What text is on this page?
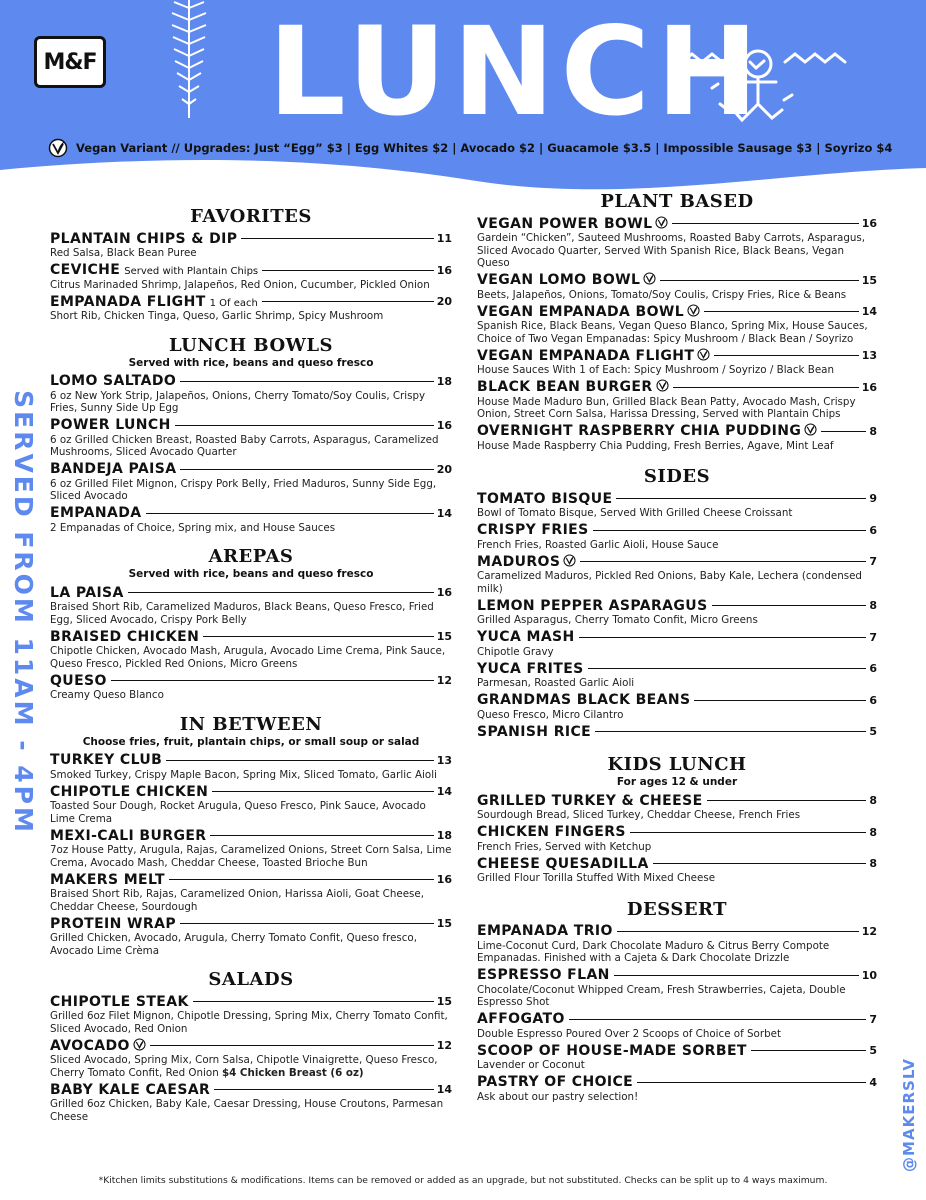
M&F LUNCH
Vegan Variant // Upgrades: Just “Egg” $3 | Egg Whites $2 | Avocado $2 | Guacamole $3.5 | Impossible Sausage $3 | Soyrizo $4
SERVED FROM 11AM - 4PM
@MAKERSLV
FAVORITES
PLANTAIN CHIPS & DIP	11
Red Salsa, Black Bean Puree
CEVICHE Served with Plantain Chips	16
Citrus Marinaded Shrimp, Jalapeños, Red Onion, Cucumber, Pickled Onion
EMPANADA FLIGHT 1 Of each	20
Short Rib, Chicken Tinga, Queso, Garlic Shrimp, Spicy Mushroom
LUNCH BOWLS
Served with rice, beans and queso fresco
LOMO SALTADO	18
6 oz New York Strip, Jalapeños, Onions, Cherry Tomato/Soy Coulis, Crispy Fries, Sunny Side Up Egg
POWER LUNCH	16
6 oz Grilled Chicken Breast, Roasted Baby Carrots, Asparagus, Caramelized Mushrooms, Sliced Avocado Quarter
BANDEJA PAISA	20
6 oz Grilled Filet Mignon, Crispy Pork Belly, Fried Maduros, Sunny Side Egg, Sliced Avocado
EMPANADA	14
2 Empanadas of Choice, Spring mix, and House Sauces
AREPAS
Served with rice, beans and queso fresco
LA PAISA	16
Braised Short Rib, Caramelized Maduros, Black Beans, Queso Fresco, Fried Egg, Sliced Avocado, Crispy Pork Belly
BRAISED CHICKEN	15
Chipotle Chicken, Avocado Mash, Arugula, Avocado Lime Crema, Pink Sauce, Queso Fresco, Pickled Red Onions, Micro Greens
QUESO	12
Creamy Queso Blanco
IN BETWEEN
Choose fries, fruit, plantain chips, or small soup or salad
TURKEY CLUB	13
Smoked Turkey, Crispy Maple Bacon, Spring Mix, Sliced Tomato, Garlic Aioli
CHIPOTLE CHICKEN	14
Toasted Sour Dough, Rocket Arugula, Queso Fresco, Pink Sauce, Avocado Lime Crema
MEXI-CALI BURGER	18
7oz House Patty, Arugula, Rajas, Caramelized Onions, Street Corn Salsa, Lime Crema, Avocado Mash, Cheddar Cheese, Toasted Brioche Bun
MAKERS MELT	16
Braised Short Rib, Rajas, Caramelized Onion, Harissa Aioli, Goat Cheese, Cheddar Cheese, Sourdough
PROTEIN WRAP	15
Grilled Chicken, Avocado, Arugula, Cherry Tomato Confit, Queso fresco, Avocado Lime Crèma
SALADS
CHIPOTLE STEAK	15
Grilled 6oz Filet Mignon, Chipotle Dressing, Spring Mix, Cherry Tomato Confit, Sliced Avocado, Red Onion
AVOCADO	12
Sliced Avocado, Spring Mix, Corn Salsa, Chipotle Vinaigrette, Queso Fresco, Cherry Tomato Confit, Red Onion $4 Chicken Breast (6 oz)
BABY KALE CAESAR	14
Grilled 6oz Chicken, Baby Kale, Caesar Dressing, House Croutons, Parmesan Cheese
PLANT BASED
VEGAN POWER BOWL	16
Gardein “Chicken”, Sauteed Mushrooms, Roasted Baby Carrots, Asparagus, Sliced Avocado Quarter, Served With Spanish Rice, Black Beans, Vegan Queso
VEGAN LOMO BOWL	15
Beets, Jalapeños, Onions, Tomato/Soy Coulis, Crispy Fries, Rice & Beans
VEGAN EMPANADA BOWL	14
Spanish Rice, Black Beans, Vegan Queso Blanco, Spring Mix, House Sauces, Choice of Two Vegan Empanadas: Spicy Mushroom / Black Bean / Soyrizo
VEGAN EMPANADA FLIGHT	13
House Sauces With 1 of Each: Spicy Mushroom / Soyrizo / Black Bean
BLACK BEAN BURGER	16
House Made Maduro Bun, Grilled Black Bean Patty, Avocado Mash, Crispy Onion, Street Corn Salsa, Harissa Dressing, Served with Plantain Chips
OVERNIGHT RASPBERRY CHIA PUDDING	8
House Made Raspberry Chia Pudding, Fresh Berries, Agave, Mint Leaf
SIDES
TOMATO BISQUE	9
Bowl of Tomato Bisque, Served With Grilled Cheese Croissant
CRISPY FRIES	6
French Fries, Roasted Garlic Aioli, House Sauce
MADUROS	7
Caramelized Maduros, Pickled Red Onions, Baby Kale, Lechera (condensed milk)
LEMON PEPPER ASPARAGUS	8
Grilled Asparagus, Cherry Tomato Confit, Micro Greens
YUCA MASH	7
Chipotle Gravy
YUCA FRITES	6
Parmesan, Roasted Garlic Aioli
GRANDMAS BLACK BEANS	6
Queso Fresco, Micro Cilantro
SPANISH RICE	5
KIDS LUNCH
For ages 12 & under
GRILLED TURKEY & CHEESE	8
Sourdough Bread, Sliced Turkey, Cheddar Cheese, French Fries
CHICKEN FINGERS	8
French Fries, Served with Ketchup
CHEESE QUESADILLA	8
Grilled Flour Torilla Stuffed With Mixed Cheese
DESSERT
EMPANADA TRIO	12
Lime-Coconut Curd, Dark Chocolate Maduro & Citrus Berry Compote Empanadas. Finished with a Cajeta & Dark Chocolate Drizzle
ESPRESSO FLAN	10
Chocolate/Coconut Whipped Cream, Fresh Strawberries, Cajeta, Double Espresso Shot
AFFOGATO	7
Double Espresso Poured Over 2 Scoops of Choice of Sorbet
SCOOP OF HOUSE-MADE SORBET	5
Lavender or Coconut
PASTRY OF CHOICE	4
Ask about our pastry selection!
*Kitchen limits substitutions & modifications. Items can be removed or added as an upgrade, but not substituted. Checks can be split up to 4 ways maximum.
